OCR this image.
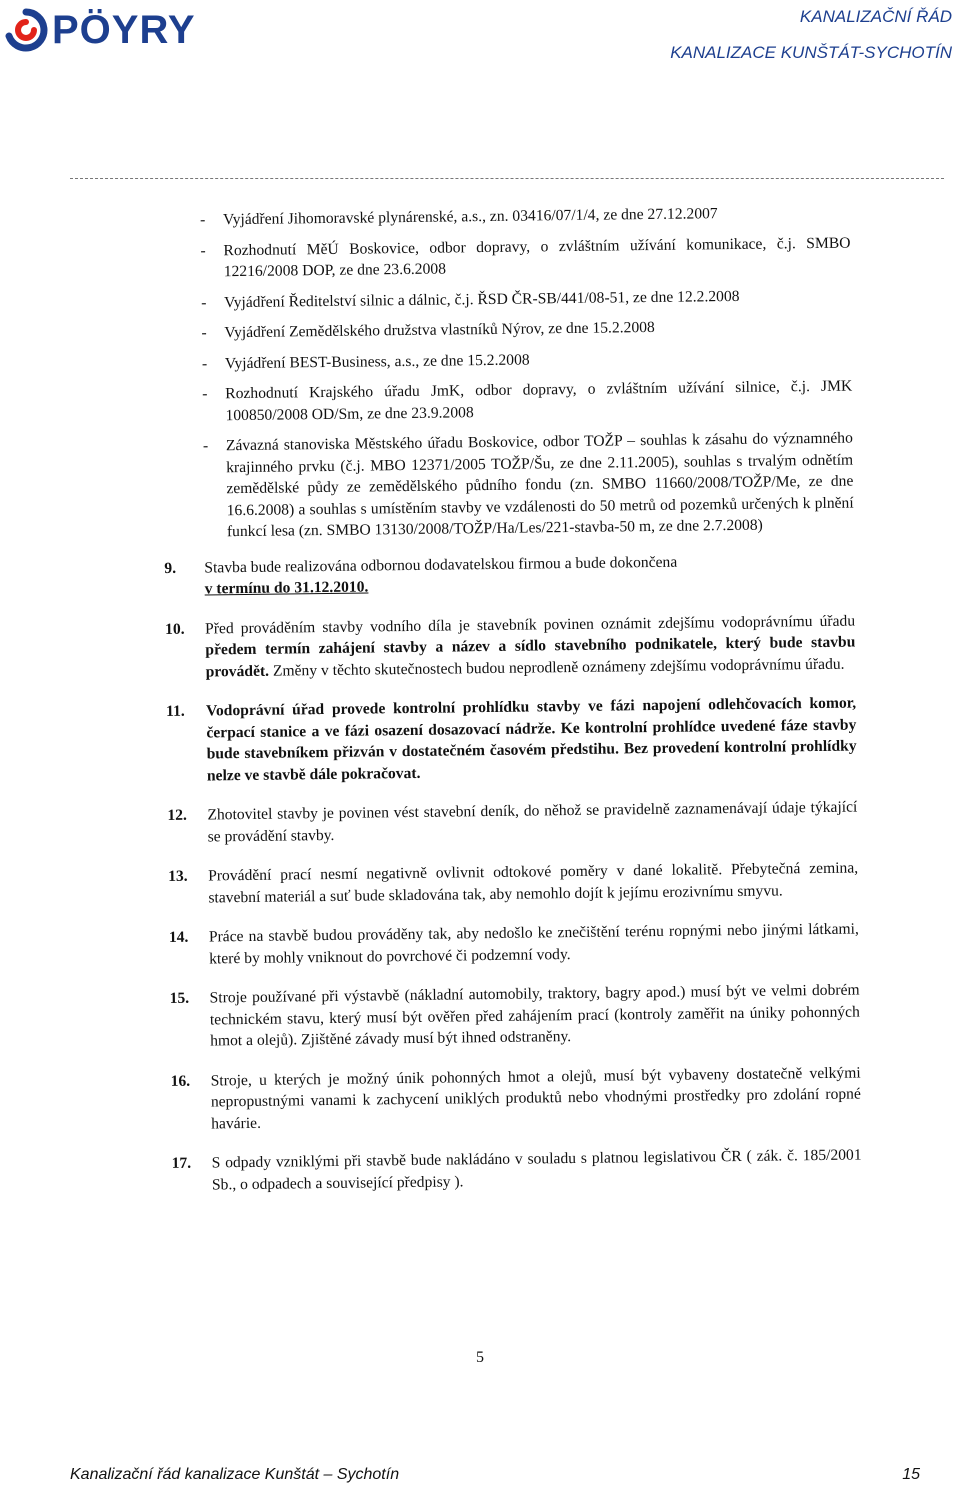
PÖYRY	KANALIZAČNÍ ŘÁD
KANALIZACE KUNŠTÁT-SYCHOTÍN
- Vyjádření Jihomoravské plynárenské, a.s., zn. 03416/07/1/4, ze dne 27.12.2007
- Rozhodnutí MěÚ Boskovice, odbor dopravy, o zvláštním užívání komunikace, č.j. SMBO 12216/2008 DOP, ze dne 23.6.2008
- Vyjádření Ředitelství silnic a dálnic, č.j. ŘSD ČR-SB/441/08-51, ze dne 12.2.2008
- Vyjádření Zemědělského družstva vlastníků Nýrov, ze dne 15.2.2008
- Vyjádření BEST-Business, a.s., ze dne 15.2.2008
- Rozhodnutí Krajského úřadu JmK, odbor dopravy, o zvláštním užívání silnice, č.j. JMK 100850/2008 OD/Sm, ze dne 23.9.2008
- Závazná stanoviska Městského úřadu Boskovice, odbor TOŽP – souhlas k zásahu do významného krajinného prvku (č.j. MBO 12371/2005 TOŽP/Šu, ze dne 2.11.2005), souhlas s trvalým odnětím zemědělské půdy ze zemědělského půdního fondu (zn. SMBO 11660/2008/TOŽP/Me, ze dne 16.6.2008) a souhlas s umístěním stavby ve vzdálenosti do 50 metrů od pozemků určených k plnění funkcí lesa (zn. SMBO 13130/2008/TOŽP/Ha/Les/221-stavba-50 m, ze dne 2.7.2008)
9. Stavba bude realizována odbornou dodavatelskou firmou a bude dokončena
v termínu do 31.12.2010.
10. Před prováděním stavby vodního díla je stavebník povinen oznámit zdejšímu vodoprávnímu úřadu předem termín zahájení stavby a název a sídlo stavebního podnikatele, který bude stavbu provádět. Změny v těchto skutečnostech budou neprodleně oznámeny zdejšímu vodoprávnímu úřadu.
11. Vodoprávní úřad provede kontrolní prohlídku stavby ve fázi napojení odlehčovacích komor, čerpací stanice a ve fázi osazení dosazovací nádrže. Ke kontrolní prohlídce uvedené fáze stavby bude stavebníkem přizván v dostatečném časovém předstihu. Bez provedení kontrolní prohlídky nelze ve stavbě dále pokračovat.
12. Zhotovitel stavby je povinen vést stavební deník, do něhož se pravidelně zaznamenávají údaje týkající se provádění stavby.
13. Provádění prací nesmí negativně ovlivnit odtokové poměry v dané lokalitě. Přebytečná zemina, stavební materiál a suť bude skladována tak, aby nemohlo dojít k jejímu erozivnímu smyvu.
14. Práce na stavbě budou prováděny tak, aby nedošlo ke znečištění terénu ropnými nebo jinými látkami, které by mohly vniknout do povrchové či podzemní vody.
15. Stroje používané při výstavbě (nákladní automobily, traktory, bagry apod.) musí být ve velmi dobrém technickém stavu, který musí být ověřen před zahájením prací (kontroly zaměřit na úniky pohonných hmot a olejů). Zjištěné závady musí být ihned odstraněny.
16. Stroje, u kterých je možný únik pohonných hmot a olejů, musí být vybaveny dostatečně velkými nepropustnými vanami k zachycení uniklých produktů nebo vhodnými prostředky pro zdolání ropné havárie.
17. S odpady vzniklými při stavbě bude nakládáno v souladu s platnou legislativou ČR ( zák. č. 185/2001 Sb., o odpadech a související předpisy ).
5
Kanalizační řád kanalizace Kunštát – Sychotín	15
